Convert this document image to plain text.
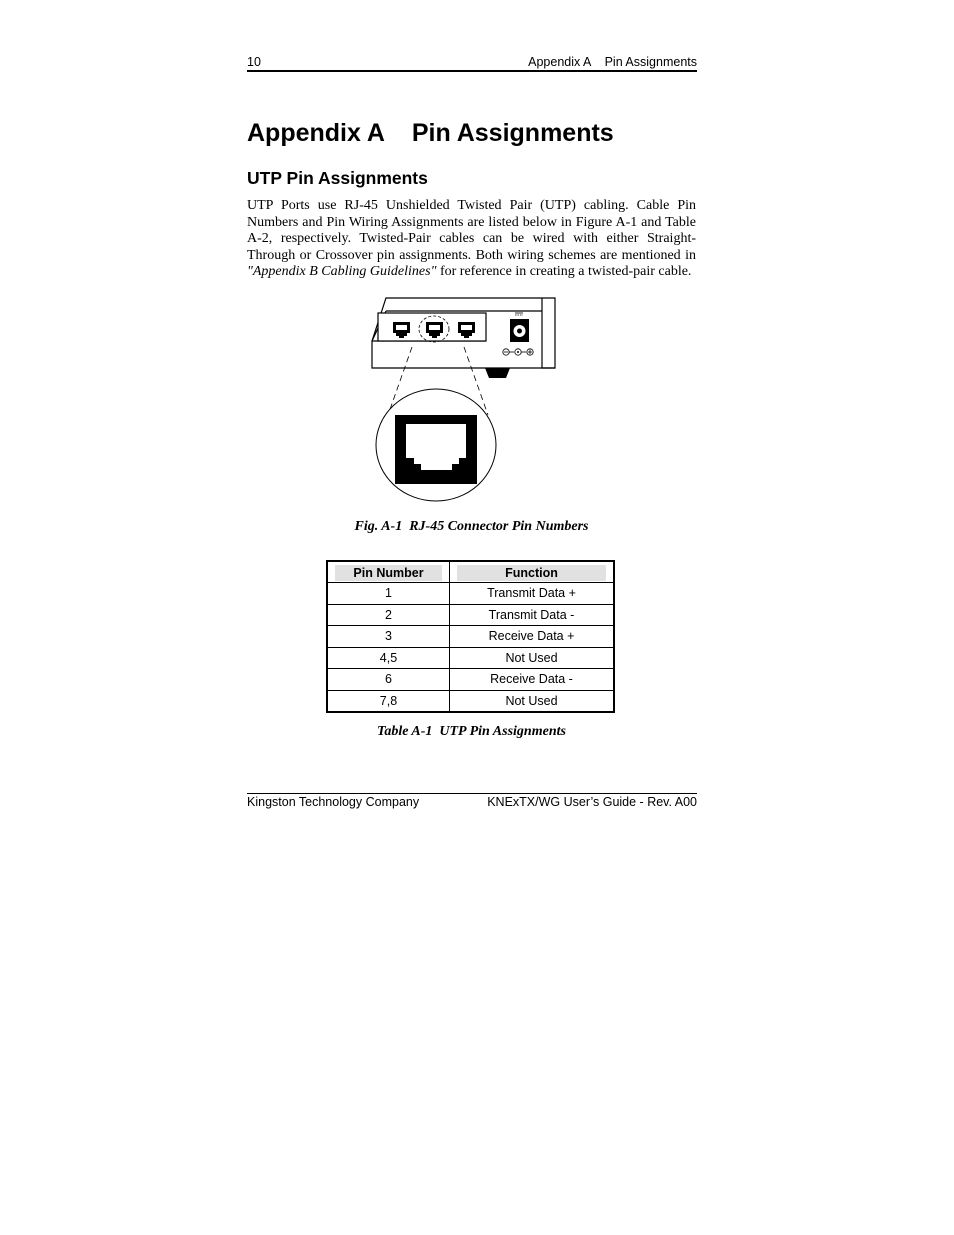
10	Appendix A    Pin Assignments
Appendix A    Pin Assignments
UTP Pin Assignments
UTP Ports use RJ-45 Unshielded Twisted Pair (UTP) cabling. Cable Pin Numbers and Pin Wiring Assignments are listed below in Figure A-1 and Table A-2, respectively. Twisted-Pair cables can be wired with either Straight-Through or Crossover pin assignments. Both wiring schemes are mentioned in "Appendix B Cabling Guidelines" for reference in creating a twisted-pair cable.
Fig. A-1  RJ-45 Connector Pin Numbers
Pin Number	Function

1	Transmit Data +
2	Transmit Data -
3	Receive Data +
4,5	Not Used
6	Receive Data -
7,8	Not Used
Table A-1  UTP Pin Assignments
Kingston Technology Company	KNExTX/WG User’s Guide - Rev. A00
